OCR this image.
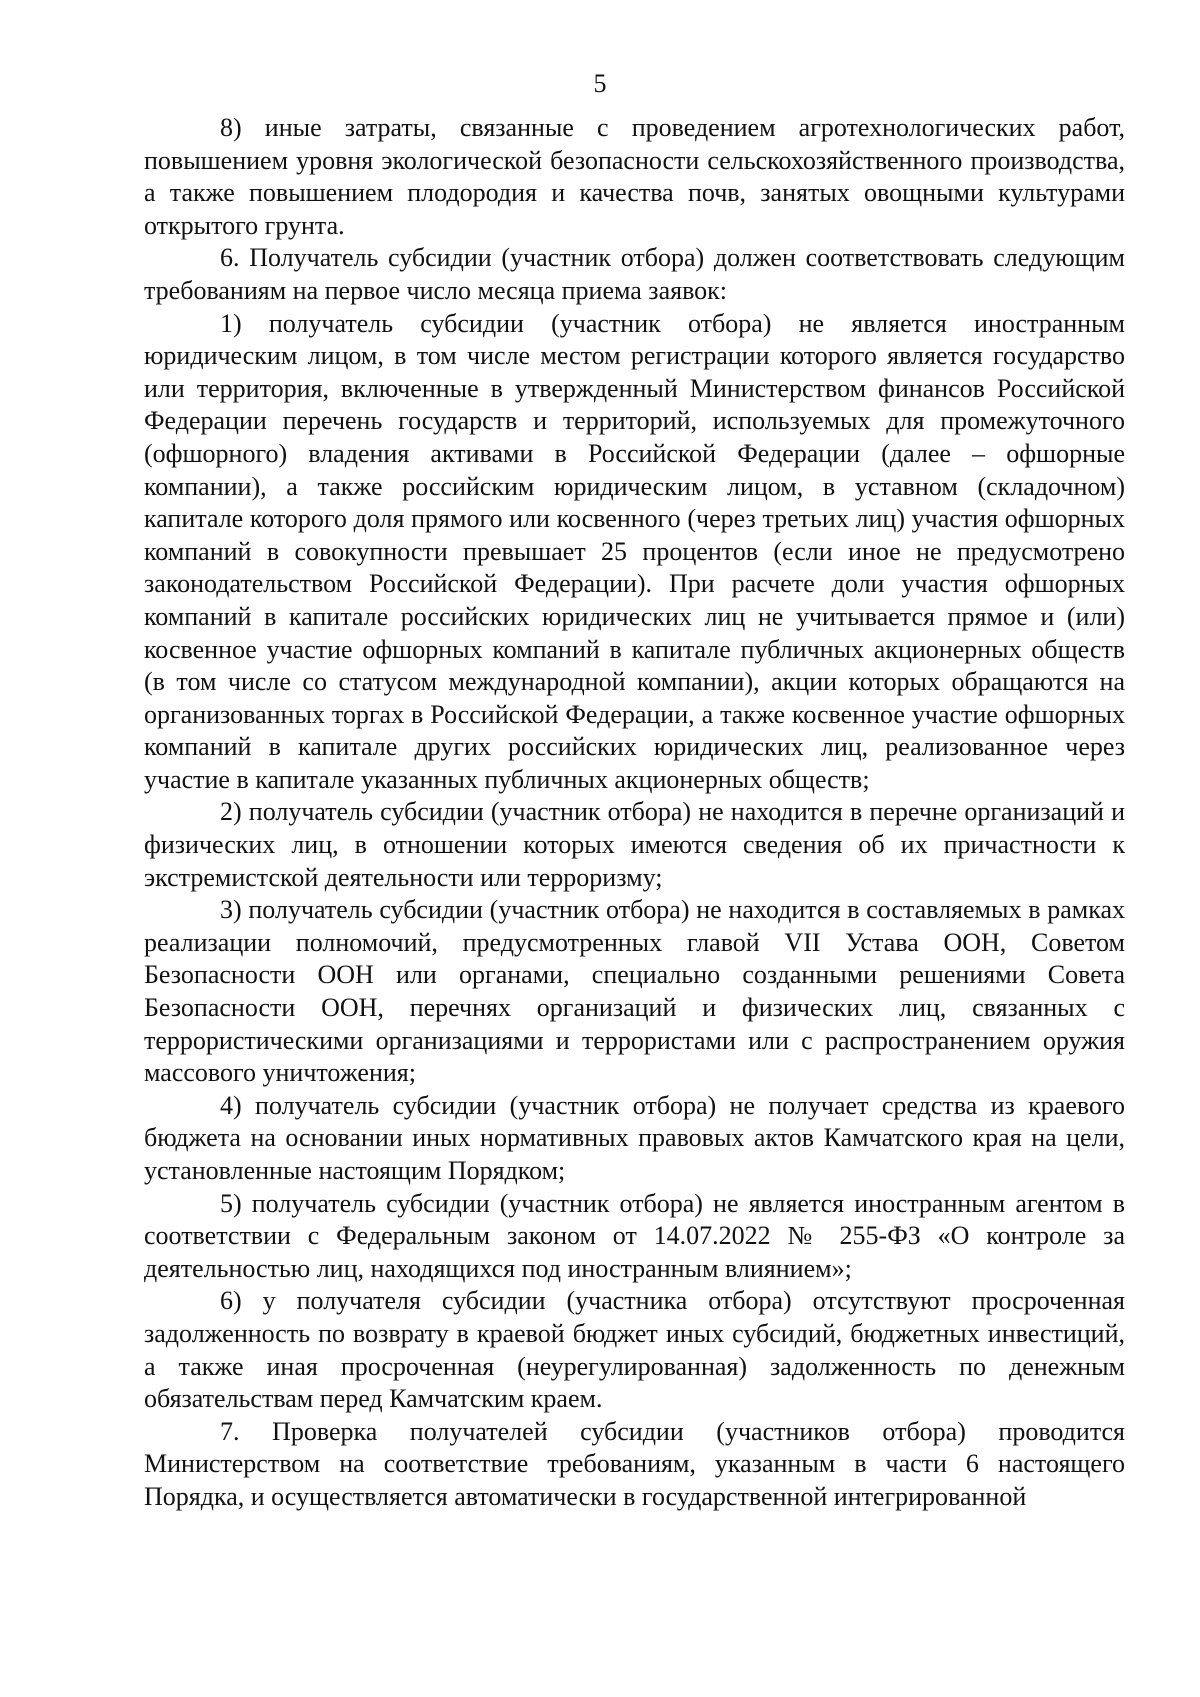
5

8) иные затраты, связанные с проведением агротехнологических работ, повышением уровня экологической безопасности сельскохозяйственного производства, а также повышением плодородия и качества почв, занятых овощными культурами открытого грунта.

6. Получатель субсидии (участник отбора) должен соответствовать следующим требованиям на первое число месяца приема заявок:

1) получатель субсидии (участник отбора) не является иностранным юридическим лицом, в том числе местом регистрации которого является государство или территория, включенные в утвержденный Министерством финансов Российской Федерации перечень государств и территорий, используемых для промежуточного (офшорного) владения активами в Российской Федерации (далее – офшорные компании), а также российским юридическим лицом, в уставном (складочном) капитале которого доля прямого или косвенного (через третьих лиц) участия офшорных компаний в совокупности превышает 25 процентов (если иное не предусмотрено законодательством Российской Федерации). При расчете доли участия офшорных компаний в капитале российских юридических лиц не учитывается прямое и (или) косвенное участие офшорных компаний в капитале публичных акционерных обществ (в том числе со статусом международной компании), акции которых обращаются на организованных торгах в Российской Федерации, а также косвенное участие офшорных компаний в капитале других российских юридических лиц, реализованное через участие в капитале указанных публичных акционерных обществ;

2) получатель субсидии (участник отбора) не находится в перечне организаций и физических лиц, в отношении которых имеются сведения об их причастности к экстремистской деятельности или терроризму;

3) получатель субсидии (участник отбора) не находится в составляемых в рамках реализации полномочий, предусмотренных главой VII Устава ООН, Советом Безопасности ООН или органами, специально созданными решениями Совета Безопасности ООН, перечнях организаций и физических лиц, связанных с террористическими организациями и террористами или с распространением оружия массового уничтожения;

4) получатель субсидии (участник отбора) не получает средства из краевого бюджета на основании иных нормативных правовых актов Камчатского края на цели, установленные настоящим Порядком;

5) получатель субсидии (участник отбора) не является иностранным агентом в соответствии с Федеральным законом от 14.07.2022 № 255-ФЗ «О контроле за деятельностью лиц, находящихся под иностранным влиянием»;

6) у получателя субсидии (участника отбора) отсутствуют просроченная задолженность по возврату в краевой бюджет иных субсидий, бюджетных инвестиций, а также иная просроченная (неурегулированная) задолженность по денежным обязательствам перед Камчатским краем.

7. Проверка получателей субсидии (участников отбора) проводится Министерством на соответствие требованиям, указанным в части 6 настоящего Порядка, и осуществляется автоматически в государственной интегрированной
